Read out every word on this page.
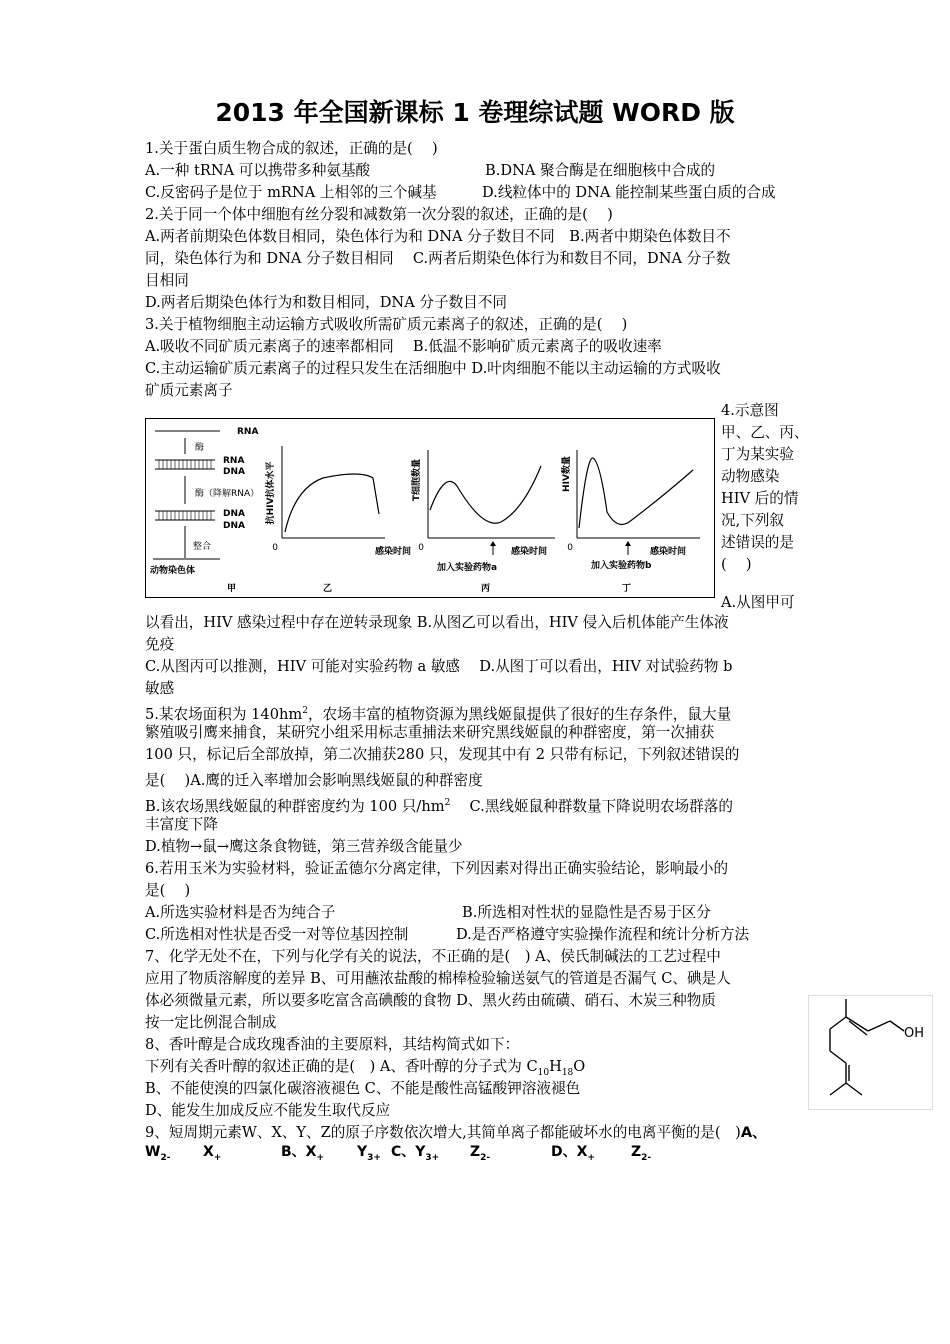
2013 年全国新课标 1 卷理综试题 WORD 版
1.关于蛋白质生物合成的叙述，正确的是(　 )
A.一种 tRNA 可以携带多种氨基酸	B.DNA 聚合酶是在细胞核中合成的
C.反密码子是位于 mRNA 上相邻的三个碱基	D.线粒体中的 DNA 能控制某些蛋白质的合成
2.关于同一个体中细胞有丝分裂和减数第一次分裂的叙述，正确的是(　 )
A.两者前期染色体数目相同，染色体行为和 DNA 分子数目不同　B.两者中期染色体数目不
同，染色体行为和 DNA 分子数目相同　 C.两者后期染色体行为和数目不同，DNA 分子数
目相同
D.两者后期染色体行为和数目相同，DNA 分子数目不同
3.关于植物细胞主动运输方式吸收所需矿质元素离子的叙述，正确的是(　 )
A.吸收不同矿质元素离子的速率都相同　 B.低温不影响矿质元素离子的吸收速率
C.主动运输矿质元素离子的过程只发生在活细胞中 D.叶肉细胞不能以主动运输的方式吸收
矿质元素离子
4.示意图
甲、乙、丙、
丁为某实验
动物感染
HIV 后的情
况,下列叙
述错误的是
(　 )
A.从图甲可
RNA
酶
RNA
DNA
酶（降解RNA）
DNA
DNA
整合
动物染色体
甲
抗HIV抗体水平
0	感染时间
乙
T细胞数量
0	感染时间
加入实验药物a
丙
HIV数量
0	感染时间
加入实验药物b
丁
以看出，HIV 感染过程中存在逆转录现象 B.从图乙可以看出，HIV 侵入后机体能产生体液
免疫
C.从图丙可以推测，HIV 可能对实验药物 a 敏感　 D.从图丁可以看出，HIV 对试验药物 b
敏感
5.某农场面积为 140hm2，农场丰富的植物资源为黑线姬鼠提供了很好的生存条件，鼠大量
繁殖吸引鹰来捕食，某研究小组采用标志重捕法来研究黑线姬鼠的种群密度，第一次捕获
100 只，标记后全部放掉，第二次捕获280 只，发现其中有 2 只带有标记，下列叙述错误的
是(　 )A.鹰的迁入率增加会影响黑线姬鼠的种群密度
B.该农场黑线姬鼠的种群密度约为 100 只/hm2　 C.黑线姬鼠种群数量下降说明农场群落的
丰富度下降
D.植物→鼠→鹰这条食物链，第三营养级含能量少
6.若用玉米为实验材料，验证孟德尔分离定律，下列因素对得出正确实验结论，影响最小的
是(　 )
A.所选实验材料是否为纯合子	B.所选相对性状的显隐性是否易于区分
C.所选相对性状是否受一对等位基因控制	D.是否严格遵守实验操作流程和统计分析方法
7、化学无处不在，下列与化学有关的说法，不正确的是(　) A、侯氏制碱法的工艺过程中
应用了物质溶解度的差异 B、可用蘸浓盐酸的棉棒检验输送氨气的管道是否漏气 C、碘是人
体必须微量元素，所以要多吃富含高碘酸的食物 D、黑火药由硫磺、硝石、木炭三种物质
按一定比例混合制成
8、香叶醇是合成玫瑰香油的主要原料，其结构简式如下：
下列有关香叶醇的叙述正确的是(　) A、香叶醇的分子式为 C10H18O
B、不能使溴的四氯化碳溶液褪色 C、不能是酸性高锰酸钾溶液褪色
D、能发生加成反应不能发生取代反应
OH
9、短周期元素W、X、Y、Z的原子序数依次增大,其简单离子都能破坏水的电离平衡的是(　)A、
W2- X+	B、X+ Y3+ C、Y3+ Z2-	D、X+	Z2-
